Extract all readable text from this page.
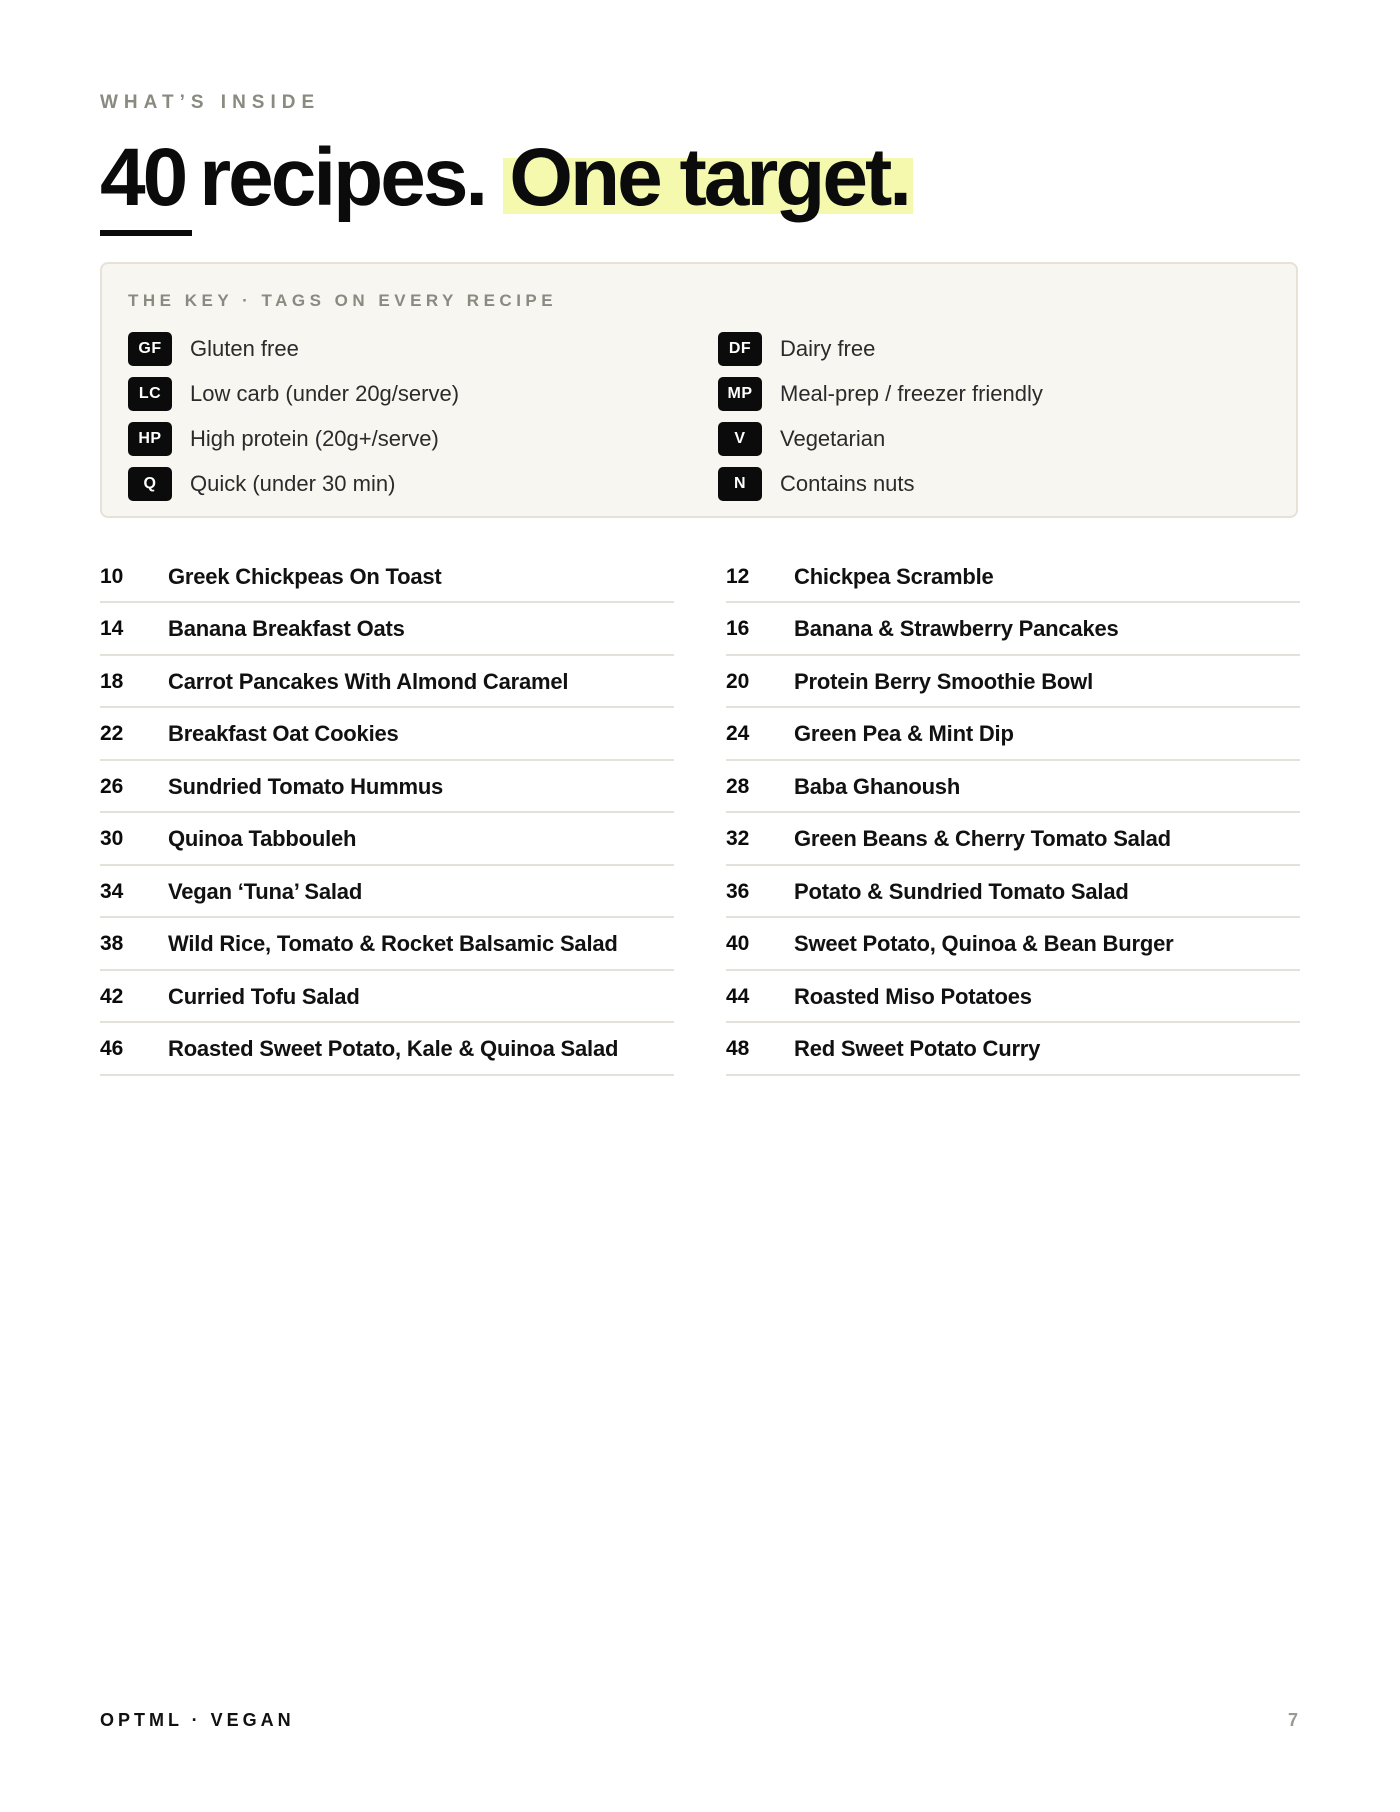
WHAT’S INSIDE
40 recipes. One target.
THE KEY · TAGS ON EVERY RECIPE
GF	Gluten free
LC	Low carb (under 20g/serve)
HP	High protein (20g+/serve)
Q	Quick (under 30 min)
DF	Dairy free
MP	Meal-prep / freezer friendly
V	Vegetarian
N	Contains nuts
10	Greek Chickpeas On Toast
14	Banana Breakfast Oats
18	Carrot Pancakes With Almond Caramel
22	Breakfast Oat Cookies
26	Sundried Tomato Hummus
30	Quinoa Tabbouleh
34	Vegan ‘Tuna’ Salad
38	Wild Rice, Tomato & Rocket Balsamic Salad
42	Curried Tofu Salad
46	Roasted Sweet Potato, Kale & Quinoa Salad
12	Chickpea Scramble
16	Banana & Strawberry Pancakes
20	Protein Berry Smoothie Bowl
24	Green Pea & Mint Dip
28	Baba Ghanoush
32	Green Beans & Cherry Tomato Salad
36	Potato & Sundried Tomato Salad
40	Sweet Potato, Quinoa & Bean Burger
44	Roasted Miso Potatoes
48	Red Sweet Potato Curry
OPTML · VEGAN	7
